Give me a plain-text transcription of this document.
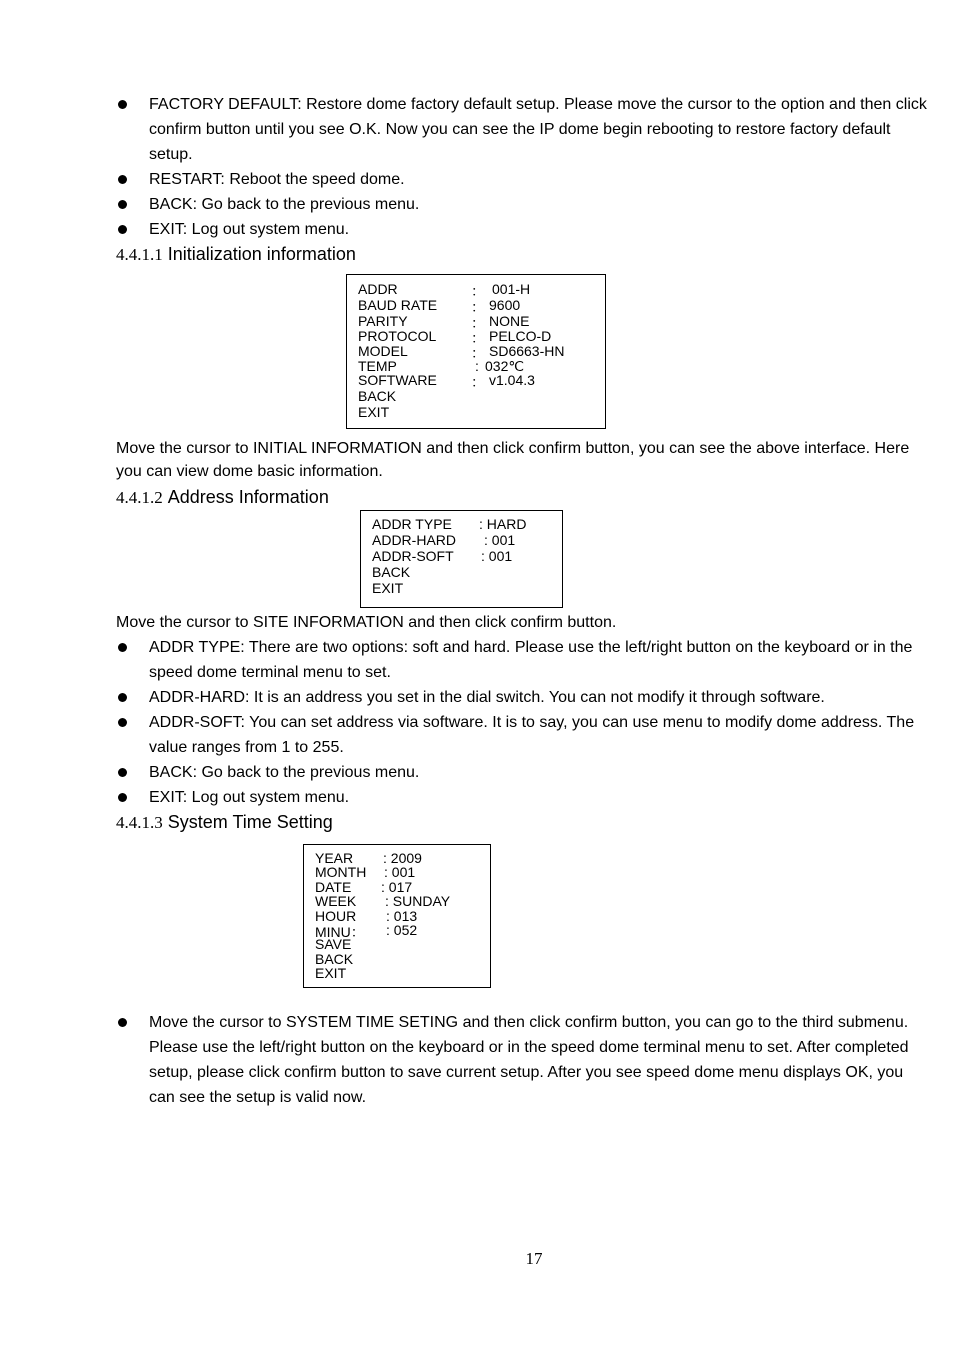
FACTORY DEFAULT: Restore dome factory default setup. Please move the cursor to the option and then click confirm button until you see O.K. Now you can see the IP dome begin rebooting to restore factory default setup.
RESTART: Reboot the speed dome.
BACK: Go back to the previous menu.
EXIT: Log out system menu.
4.4.1.1 Initialization information
ADDR	： 001-H
BAUD RATE ： 9600
PARITY	： NONE
PROTOCOL ： PELCO-D
MODEL	： SD6663-HN
TEMP	: 032℃
SOFTWARE ： v1.04.3
BACK
EXIT
Move the cursor to INITIAL INFORMATION and then click confirm button, you can see the above interface. Here you can view dome basic information.
4.4.1.2 Address Information
ADDR TYPE : HARD
ADDR-HARD : 001
ADDR-SOFT : 001
BACK
EXIT
Move the cursor to SITE INFORMATION and then click confirm button.
ADDR TYPE: There are two options: soft and hard. Please use the left/right button on the keyboard or in the speed dome terminal menu to set.
ADDR-HARD: It is an address you set in the dial switch. You can not modify it through software.
ADDR-SOFT: You can set address via software. It is to say, you can use menu to modify dome address. The value ranges from 1 to 255.
BACK: Go back to the previous menu.
EXIT: Log out system menu.
4.4.1.3 System Time Setting
YEAR : 2009
MONTH : 001
DATE : 017
WEEK : SUNDAY
HOUR : 013
MINU： : 052
SAVE
BACK
EXIT
Move the cursor to SYSTEM TIME SETING and then click confirm button, you can go to the third submenu. Please use the left/right button on the keyboard or in the speed dome terminal menu to set. After completed setup, please click confirm button to save current setup. After you see speed dome menu displays OK, you can see the setup is valid now.
17
